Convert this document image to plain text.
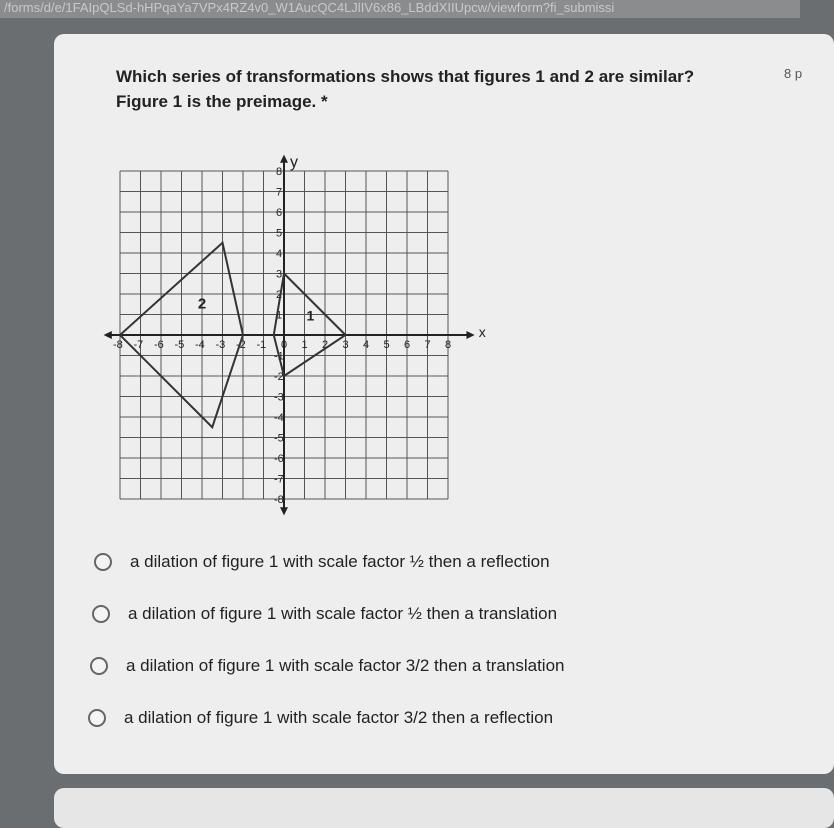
/forms/d/e/1FAIpQLSd-hHPqaYa7VPx4RZ4v0_W1AucQC4LJlIV6x86_LBddXIIUpcw/viewform?fi_submissi
Which series of transformations shows that figures 1 and 2 are similar?
Figure 1 is the preimage. *
8 p
x
y
-8 -7 -6 -5 -4 -3 -2 -1 0 1 2 3 4 5 6 7 8
8
7
6
5
4
3
2
1
-1
-2
-3
-4
-5
-6
-7
-8
1
2
a dilation of figure 1 with scale factor ½ then a reflection
a dilation of figure 1 with scale factor ½ then a translation
a dilation of figure 1 with scale factor 3/2 then a translation
a dilation of figure 1 with scale factor 3/2 then a reflection
